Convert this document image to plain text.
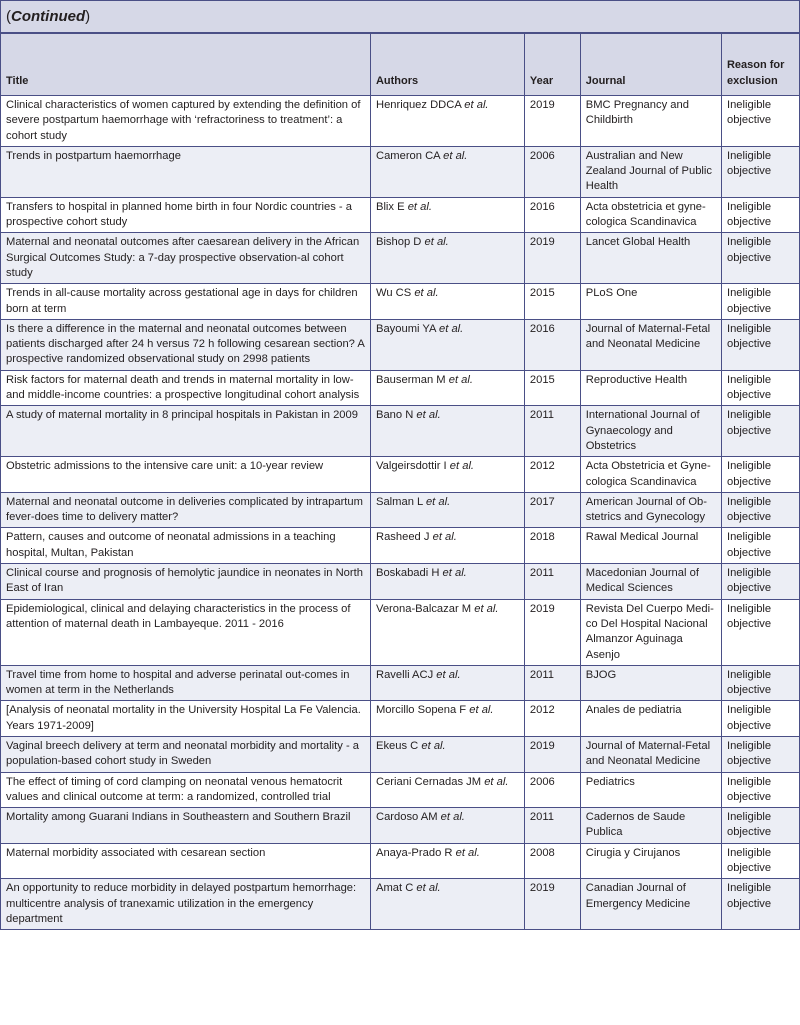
(Continued)
Title	Authors	Year	Journal	Reason for exclusion
Clinical characteristics of women captured by extending the definition of severe postpartum haemorrhage with ‘refractoriness to treatment’: a cohort study	Henriquez DDCA et al.	2019	BMC Pregnancy and Childbirth	Ineligible objective
Trends in postpartum haemorrhage	Cameron CA et al.	2006	Australian and New Zealand Journal of Public Health	Ineligible objective
Transfers to hospital in planned home birth in four Nordic countries - a prospective cohort study	Blix E et al.	2016	Acta obstetricia et gyne-cologica Scandinavica	Ineligible objective
Maternal and neonatal outcomes after caesarean delivery in the African Surgical Outcomes Study: a 7-day prospective observation-al cohort study	Bishop D et al.	2019	Lancet Global Health	Ineligible objective
Trends in all-cause mortality across gestational age in days for children born at term	Wu CS et al.	2015	PLoS One	Ineligible objective
Is there a difference in the maternal and neonatal outcomes between patients discharged after 24 h versus 72 h following cesarean section? A prospective randomized observational study on 2998 patients	Bayoumi YA et al.	2016	Journal of Maternal-Fetal and Neonatal Medicine	Ineligible objective
Risk factors for maternal death and trends in maternal mortality in low- and middle-income countries: a prospective longitudinal cohort analysis	Bauserman M et al.	2015	Reproductive Health	Ineligible objective
A study of maternal mortality in 8 principal hospitals in Pakistan in 2009	Bano N et al.	2011	International Journal of Gynaecology and Obstetrics	Ineligible objective
Obstetric admissions to the intensive care unit: a 10-year review	Valgeirsdottir I et al.	2012	Acta Obstetricia et Gyne-cologica Scandinavica	Ineligible objective
Maternal and neonatal outcome in deliveries complicated by intrapartum fever-does time to delivery matter?	Salman L et al.	2017	American Journal of Ob-stetrics and Gynecology	Ineligible objective
Pattern, causes and outcome of neonatal admissions in a teaching hospital, Multan, Pakistan	Rasheed J et al.	2018	Rawal Medical Journal	Ineligible objective
Clinical course and prognosis of hemolytic jaundice in neonates in North East of Iran	Boskabadi H et al.	2011	Macedonian Journal of Medical Sciences	Ineligible objective
Epidemiological, clinical and delaying characteristics in the process of attention of maternal death in Lambayeque. 2011 - 2016	Verona-Balcazar M et al.	2019	Revista Del Cuerpo Medi-co Del Hospital Nacional Almanzor Aguinaga Asenjo	Ineligible objective
Travel time from home to hospital and adverse perinatal out-comes in women at term in the Netherlands	Ravelli ACJ et al.	2011	BJOG	Ineligible objective
[Analysis of neonatal mortality in the University Hospital La Fe Valencia. Years 1971-2009]	Morcillo Sopena F et al.	2012	Anales de pediatria	Ineligible objective
Vaginal breech delivery at term and neonatal morbidity and mortality - a population-based cohort study in Sweden	Ekeus C et al.	2019	Journal of Maternal-Fetal and Neonatal Medicine	Ineligible objective
The effect of timing of cord clamping on neonatal venous hematocrit values and clinical outcome at term: a randomized, controlled trial	Ceriani Cernadas JM et al.	2006	Pediatrics	Ineligible objective
Mortality among Guarani Indians in Southeastern and Southern Brazil	Cardoso AM et al.	2011	Cadernos de Saude Publica	Ineligible objective
Maternal morbidity associated with cesarean section	Anaya-Prado R et al.	2008	Cirugia y Cirujanos	Ineligible objective
An opportunity to reduce morbidity in delayed postpartum hemorrhage: multicentre analysis of tranexamic utilization in the emergency department	Amat C et al.	2019	Canadian Journal of Emergency Medicine	Ineligible objective
